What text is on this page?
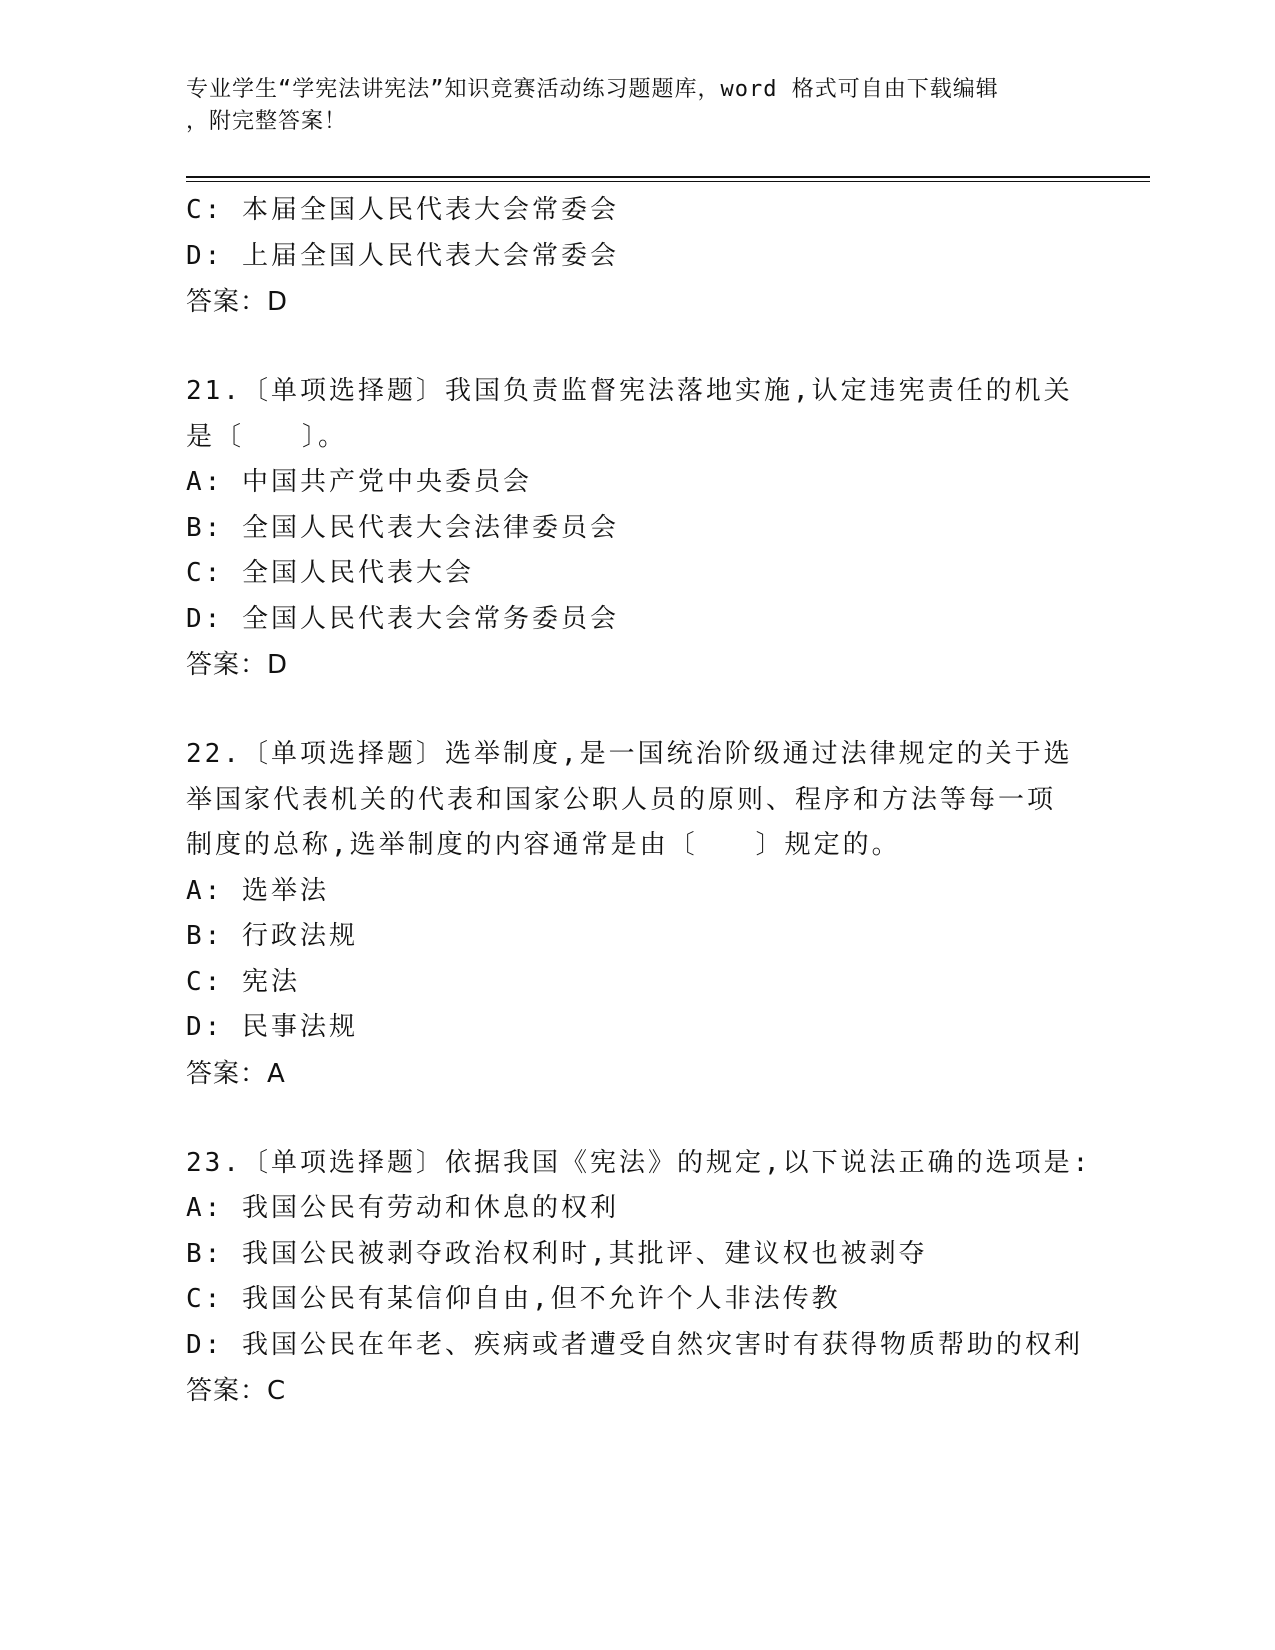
专业学生“学宪法讲宪法”知识竞赛活动练习题题库，word 格式可自由下载编辑
，附完整答案！
C: 本届全国人民代表大会常委会
D: 上届全国人民代表大会常委会
答案：D
21.〔单项选择题〕我国负责监督宪法落地实施,认定违宪责任的机关
是〔　　〕。
A: 中国共产党中央委员会
B: 全国人民代表大会法律委员会
C: 全国人民代表大会
D: 全国人民代表大会常务委员会
答案：D
22.〔单项选择题〕选举制度,是一国统治阶级通过法律规定的关于选
举国家代表机关的代表和国家公职人员的原则、程序和方法等每一项
制度的总称,选举制度的内容通常是由〔　　〕规定的。
A: 选举法
B: 行政法规
C: 宪法
D: 民事法规
答案：A
23.〔单项选择题〕依据我国《宪法》的规定,以下说法正确的选项是:
A: 我国公民有劳动和休息的权利
B: 我国公民被剥夺政治权利时,其批评、建议权也被剥夺
C: 我国公民有某信仰自由,但不允许个人非法传教
D: 我国公民在年老、疾病或者遭受自然灾害时有获得物质帮助的权利
答案：C
